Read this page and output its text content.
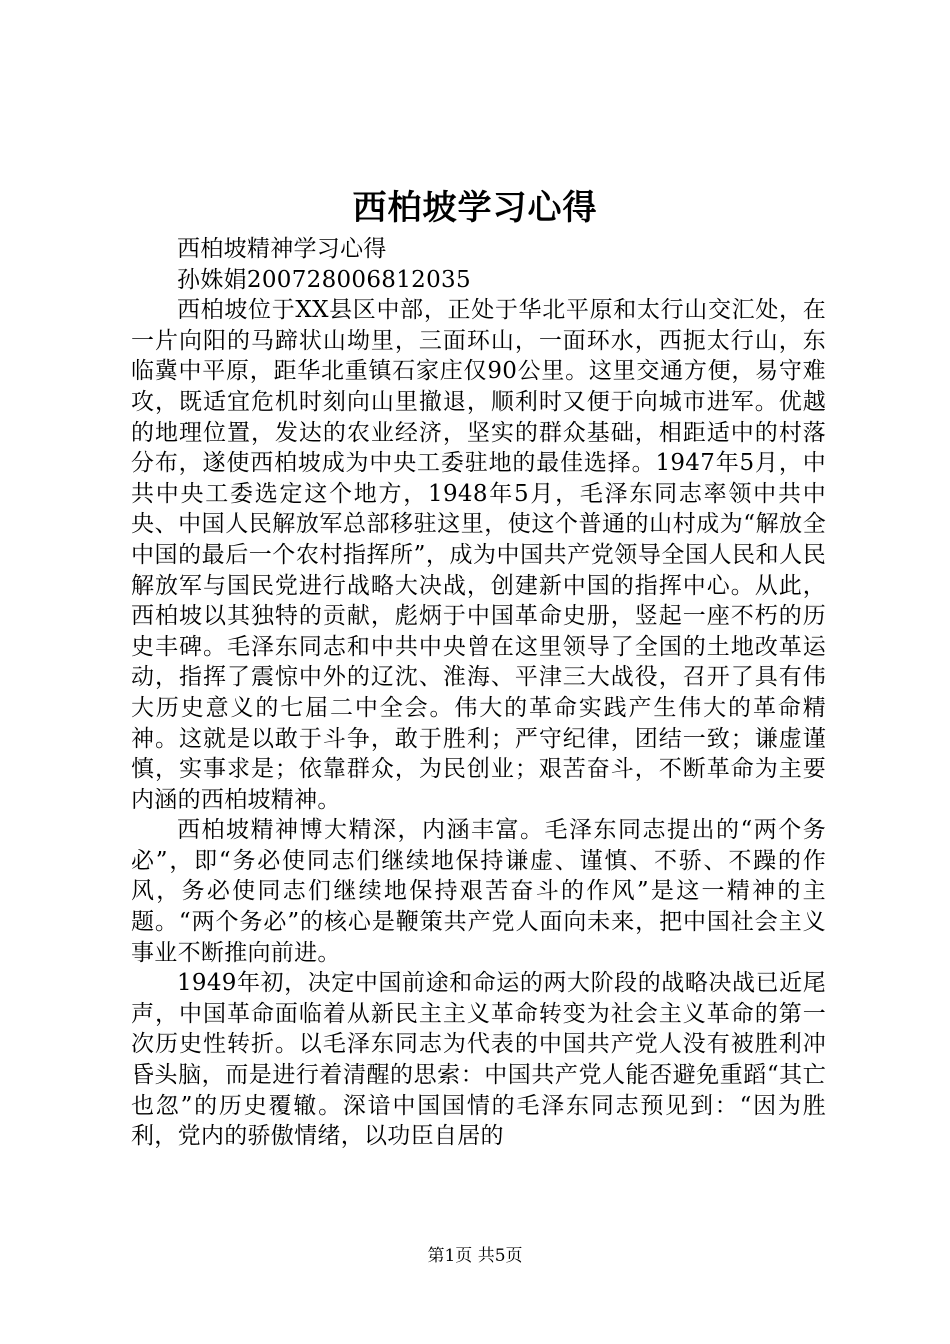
西柏坡学习心得

西柏坡精神学习心得

孙姝娟200728006812035

西柏坡位于XX县区中部，正处于华北平原和太行山交汇处，在一片向阳的马蹄状山坳里，三面环山，一面环水，西扼太行山，东临冀中平原，距华北重镇石家庄仅90公里。这里交通方便，易守难攻，既适宜危机时刻向山里撤退，顺利时又便于向城市进军。优越的地理位置，发达的农业经济，坚实的群众基础，相距适中的村落分布，遂使西柏坡成为中央工委驻地的最佳选择。1947年5月，中共中央工委选定这个地方，1948年5月，毛泽东同志率领中共中央、中国人民解放军总部移驻这里，使这个普通的山村成为“解放全中国的最后一个农村指挥所”，成为中国共产党领导全国人民和人民解放军与国民党进行战略大决战，创建新中国的指挥中心。从此，西柏坡以其独特的贡献，彪炳于中国革命史册，竖起一座不朽的历史丰碑。毛泽东同志和中共中央曾在这里领导了全国的土地改革运动，指挥了震惊中外的辽沈、淮海、平津三大战役，召开了具有伟大历史意义的七届二中全会。伟大的革命实践产生伟大的革命精神。这就是以敢于斗争，敢于胜利；严守纪律，团结一致；谦虚谨慎，实事求是；依靠群众，为民创业；艰苦奋斗，不断革命为主要内涵的西柏坡精神。

西柏坡精神博大精深，内涵丰富。毛泽东同志提出的“两个务必”，即“务必使同志们继续地保持谦虚、谨慎、不骄、不躁的作风，务必使同志们继续地保持艰苦奋斗的作风”是这一精神的主题。“两个务必”的核心是鞭策共产党人面向未来，把中国社会主义事业不断推向前进。

1949年初，决定中国前途和命运的两大阶段的战略决战已近尾声，中国革命面临着从新民主主义革命转变为社会主义革命的第一次历史性转折。以毛泽东同志为代表的中国共产党人没有被胜利冲昏头脑，而是进行着清醒的思索：中国共产党人能否避免重蹈“其亡也忽”的历史覆辙。深谙中国国情的毛泽东同志预见到：“因为胜利，党内的骄傲情绪，以功臣自居的

第1页 共5页
